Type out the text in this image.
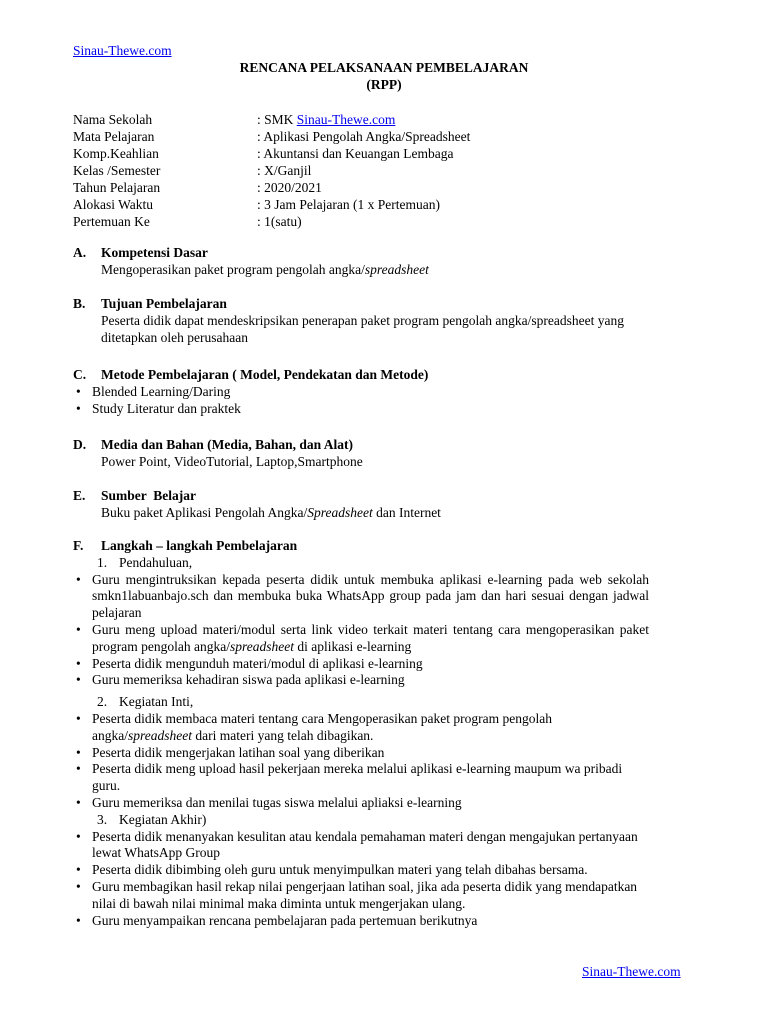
Sinau-Thewe.com
RENCANA PELAKSANAAN PEMBELAJARAN
(RPP)
Nama Sekolah	: SMK Sinau-Thewe.com
Mata Pelajaran	: Aplikasi Pengolah Angka/Spreadsheet
Komp.Keahlian	: Akuntansi dan Keuangan Lembaga
Kelas /Semester	: X/Ganjil
Tahun Pelajaran	: 2020/2021
Alokasi Waktu	: 3 Jam Pelajaran (1 x Pertemuan)
Pertemuan Ke	: 1(satu)
A. Kompetensi Dasar
Mengoperasikan paket program pengolah angka/spreadsheet
B. Tujuan Pembelajaran
Peserta didik dapat mendeskripsikan penerapan paket program pengolah angka/spreadsheet yang ditetapkan oleh perusahaan
C. Metode Pembelajaran ( Model, Pendekatan dan Metode)
• Blended Learning/Daring
• Study Literatur dan praktek
D. Media dan Bahan (Media, Bahan, dan Alat)
Power Point, VideoTutorial, Laptop,Smartphone
E. Sumber  Belajar
Buku paket Aplikasi Pengolah Angka/Spreadsheet dan Internet
F. Langkah – langkah Pembelajaran
1. Pendahuluan,
• Guru mengintruksikan kepada peserta didik untuk membuka aplikasi e-learning pada web sekolah smkn1labuanbajo.sch dan membuka buka WhatsApp group pada jam dan hari sesuai dengan jadwal pelajaran
• Guru meng upload materi/modul serta link video terkait materi tentang cara mengoperasikan paket program pengolah angka/spreadsheet di aplikasi e-learning
• Peserta didik mengunduh materi/modul di aplikasi e-learning
• Guru memeriksa kehadiran siswa pada aplikasi e-learning
2. Kegiatan Inti,
• Peserta didik membaca materi tentang cara Mengoperasikan paket program pengolah angka/spreadsheet dari materi yang telah dibagikan.
• Peserta didik mengerjakan latihan soal yang diberikan
• Peserta didik meng upload hasil pekerjaan mereka melalui aplikasi e-learning maupum wa pribadi guru.
• Guru memeriksa dan menilai tugas siswa melalui apliaksi e-learning
3. Kegiatan Akhir)
• Peserta didik menanyakan kesulitan atau kendala pemahaman materi dengan mengajukan pertanyaan lewat WhatsApp Group
• Peserta didik dibimbing oleh guru untuk menyimpulkan materi yang telah dibahas bersama.
• Guru membagikan hasil rekap nilai pengerjaan latihan soal, jika ada peserta didik yang mendapatkan nilai di bawah nilai minimal maka diminta untuk mengerjakan ulang.
• Guru menyampaikan rencana pembelajaran pada pertemuan berikutnya
Sinau-Thewe.com
